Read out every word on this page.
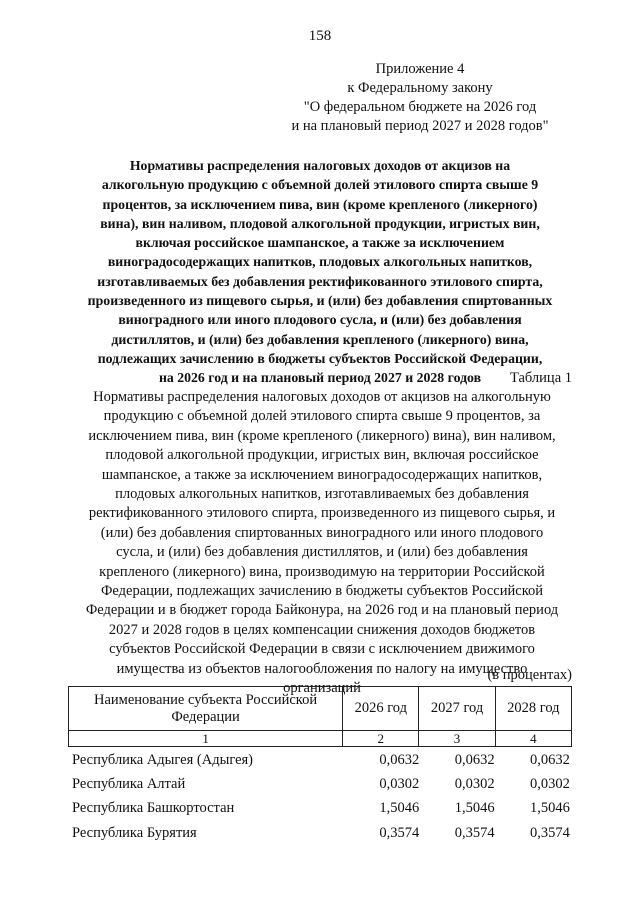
158
Приложение 4
к Федеральному закону
"О федеральном бюджете на 2026 год
и на плановый период 2027 и 2028 годов"
Нормативы распределения налоговых доходов от акцизов на
алкогольную продукцию с объемной долей этилового спирта свыше 9
процентов, за исключением пива, вин (кроме крепленого (ликерного)
вина), вин наливом, плодовой алкогольной продукции, игристых вин,
включая российское шампанское, а также за исключением
виноградосодержащих напитков, плодовых алкогольных напитков,
изготавливаемых без добавления ректификованного этилового спирта,
произведенного из пищевого сырья, и (или) без добавления спиртованных
виноградного или иного плодового сусла, и (или) без добавления
дистиллятов, и (или) без добавления крепленого (ликерного) вина,
подлежащих зачислению в бюджеты субъектов Российской Федерации,
на 2026 год и на плановый период 2027 и 2028 годов	Таблица 1
Нормативы распределения налоговых доходов от акцизов на алкогольную
продукцию с объемной долей этилового спирта свыше 9 процентов, за
исключением пива, вин (кроме крепленого (ликерного) вина), вин наливом,
плодовой алкогольной продукции, игристых вин, включая российское
шампанское, а также за исключением виноградосодержащих напитков,
плодовых алкогольных напитков, изготавливаемых без добавления
ректификованного этилового спирта, произведенного из пищевого сырья, и
(или) без добавления спиртованных виноградного или иного плодового
сусла, и (или) без добавления дистиллятов, и (или) без добавления
крепленого (ликерного) вина, производимую на территории Российской
Федерации, подлежащих зачислению в бюджеты субъектов Российской
Федерации и в бюджет города Байконура, на 2026 год и на плановый период
2027 и 2028 годов в целях компенсации снижения доходов бюджетов
субъектов Российской Федерации в связи с исключением движимого
имущества из объектов налогообложения по налогу на имущество
организаций
(в процентах)
Наименование субъекта Российской Федерации	2026 год	2027 год	2028 год
1	2	3	4
Республика Адыгея (Адыгея)	0,0632	0,0632	0,0632
Республика Алтай	0,0302	0,0302	0,0302
Республика Башкортостан	1,5046	1,5046	1,5046
Республика Бурятия	0,3574	0,3574	0,3574
